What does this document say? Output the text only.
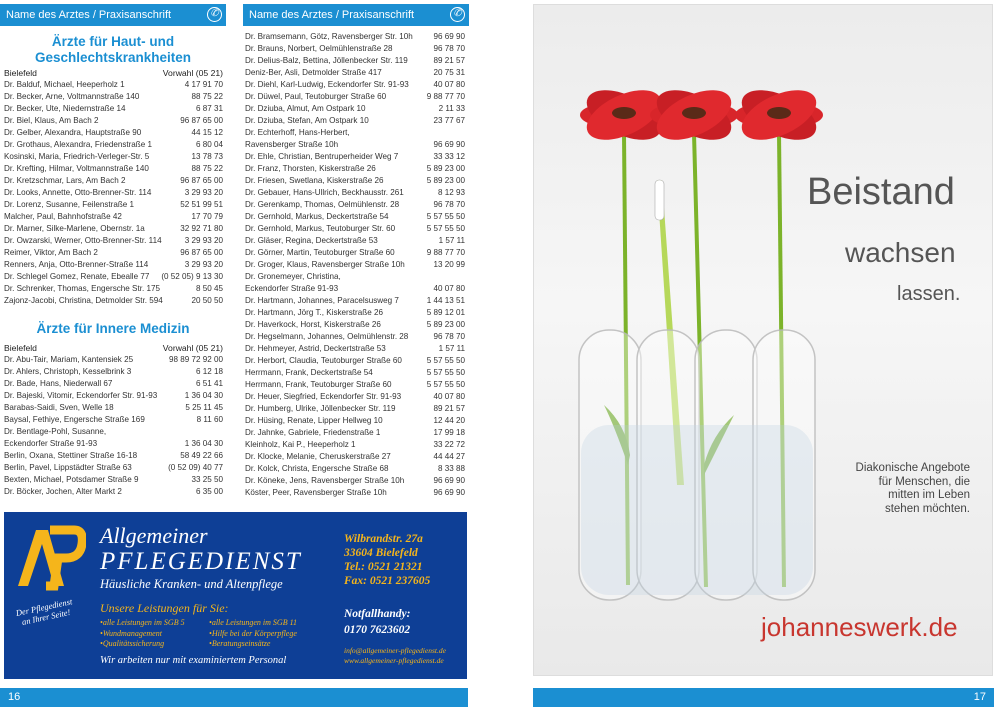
Name des Arztes / Praxisanschrift	✆	Name des Arztes / Praxisanschrift	✆
Ärzte für Haut- und
Geschlechtskrankheiten
Bielefeld	Vorwahl (05 21)
Dr. Balduf, Michael, Heeperholz 1	4 17 91 70
Dr. Becker, Arne, Voltmannstraße 140	88 75 22
Dr. Becker, Ute, Niedernstraße 14	6 87 31
Dr. Biel, Klaus, Am Bach 2	96 87 65 00
Dr. Gelber, Alexandra, Hauptstraße 90	44 15 12
Dr. Grothaus, Alexandra, Friedenstraße 1	6 80 04
Kosinski, Maria, Friedrich-Verleger-Str. 5	13 78 73
Dr. Krefting, Hilmar, Voltmannstraße 140	88 75 22
Dr. Kretzschmar, Lars, Am Bach 2	96 87 65 00
Dr. Looks, Annette, Otto-Brenner-Str. 114	3 29 93 20
Dr. Lorenz, Susanne, Feilenstraße 1	52 51 99 51
Malcher, Paul, Bahnhofstraße 42	17 70 79
Dr. Marner, Silke-Marlene, Obernstr. 1a	32 92 71 80
Dr. Owzarski, Werner, Otto-Brenner-Str. 114	3 29 93 20
Reimer, Viktor, Am Bach 2	96 87 65 00
Renners, Anja, Otto-Brenner-Straße 114	3 29 93 20
Dr. Schlegel Gomez, Renate, Ebealle 77 (0 52 05) 9 13 30
Dr. Schrenker, Thomas, Engersche Str. 175	8 50 45
Zajonz-Jacobi, Christina, Detmolder Str. 594	20 50 50
Ärzte für Innere Medizin
Bielefeld	Vorwahl (05 21)
Dr. Abu-Tair, Mariam, Kantensiek 25	98 89 72 92 00
Dr. Ahlers, Christoph, Kesselbrink 3	6 12 18
Dr. Bade, Hans, Niederwall 67	6 51 41
Dr. Bajeski, Vitomir, Eckendorfer Str. 91-93	1 36 04 30
Barabas-Saidi, Sven, Welle 18	5 25 11 45
Baysal, Fethiye, Engersche Straße 169	8 11 60
Dr. Bentlage-Pohl, Susanne,
Eckendorfer Straße 91-93	1 36 04 30
Berlin, Oxana, Stettiner Straße 16-18	58 49 22 66
Berlin, Pavel, Lippstädter Straße 63	(0 52 09) 40 77
Bexten, Michael, Potsdamer Straße 9	33 25 50
Dr. Böcker, Jochen, Alter Markt 2	6 35 00
Dr. Bramsemann, Götz, Ravensberger Str. 10h	96 69 90
Dr. Brauns, Norbert, Oelmühlenstraße 28	96 78 70
Dr. Delius-Balz, Bettina, Jöllenbecker Str. 119	89 21 57
Deniz-Ber, Asli, Detmolder Straße 417	20 75 31
Dr. Diehl, Karl-Ludwig, Eckendorfer Str. 91-93	40 07 80
Dr. Düwel, Paul, Teutoburger Straße 60	9 88 77 70
Dr. Dziuba, Almut, Am Ostpark 10	2 11 33
Dr. Dziuba, Stefan, Am Ostpark 10	23 77 67
Dr. Echterhoff, Hans-Herbert,
Ravensberger Straße 10h	96 69 90
Dr. Ehle, Christian, Bentruperheider Weg 7	33 33 12
Dr. Franz, Thorsten, Kiskerstraße 26	5 89 23 00
Dr. Friesen, Swetlana, Kiskerstraße 26	5 89 23 00
Dr. Gebauer, Hans-Ullrich, Beckhausstr. 261	8 12 93
Dr. Gerenkamp, Thomas, Oelmühlenstr. 28	96 78 70
Dr. Gernhold, Markus, Deckertstraße 54	5 57 55 50
Dr. Gernhold, Markus, Teutoburger Str. 60	5 57 55 50
Dr. Gläser, Regina, Deckertstraße 53	1 57 11
Dr. Görner, Martin, Teutoburger Straße 60	9 88 77 70
Dr. Groger, Klaus, Ravensberger Straße 10h	13 20 99
Dr. Gronemeyer, Christina,
Eckendorfer Straße 91-93	40 07 80
Dr. Hartmann, Johannes, Paracelsusweg 7	1 44 13 51
Dr. Hartmann, Jörg T., Kiskerstraße 26	5 89 12 01
Dr. Haverkock, Horst, Kiskerstraße 26	5 89 23 00
Dr. Hegselmann, Johannes, Oelmühlenstr. 28	96 78 70
Dr. Hehmeyer, Astrid, Deckertstraße 53	1 57 11
Dr. Herbort, Claudia, Teutoburger Straße 60	5 57 55 50
Herrmann, Frank, Deckertstraße 54	5 57 55 50
Herrmann, Frank, Teutoburger Straße 60	5 57 55 50
Dr. Heuer, Siegfried, Eckendorfer Str. 91-93	40 07 80
Dr. Humberg, Ulrike, Jöllenbecker Str. 119	89 21 57
Dr. Hüsing, Renate, Lipper Hellweg 10	12 44 20
Dr. Jahnke, Gabriele, Friedenstraße 1	17 99 18
Kleinholz, Kai P., Heeperholz 1	33 22 72
Dr. Klocke, Melanie, Cheruskerstraße 27	44 44 27
Dr. Kolck, Christa, Engersche Straße 68	8 33 88
Dr. Köneke, Jens, Ravensberger Straße 10h	96 69 90
Köster, Peer, Ravensberger Straße 10h	96 69 90
Allgemeiner
PFLEGEDIENST
Häusliche Kranken- und Altenpflege
Der Pflegedienst an Ihrer Seite!	Unsere Leistungen für Sie:
• alle Leistungen im SGB 5
• Wundmanagement
• Qualitätssicherung
• alle Leistungen im SGB 11
• Hilfe bei der Körperpflege
• Beratungseinsätze
Wir arbeiten nur mit examiniertem Personal
Wilbrandstr. 27a
33604 Bielefeld
Tel.: 0521 21321
Fax: 0521 237605
Notfallhandy:
0170 7623602
info@allgemeiner-pflegedienst.de
www.allgemeiner-pflegedienst.de
16	17
Beistand
wachsen
lassen.
Diakonische Angebote
für Menschen, die
mitten im Leben
stehen möchten.
johanneswerk.de
